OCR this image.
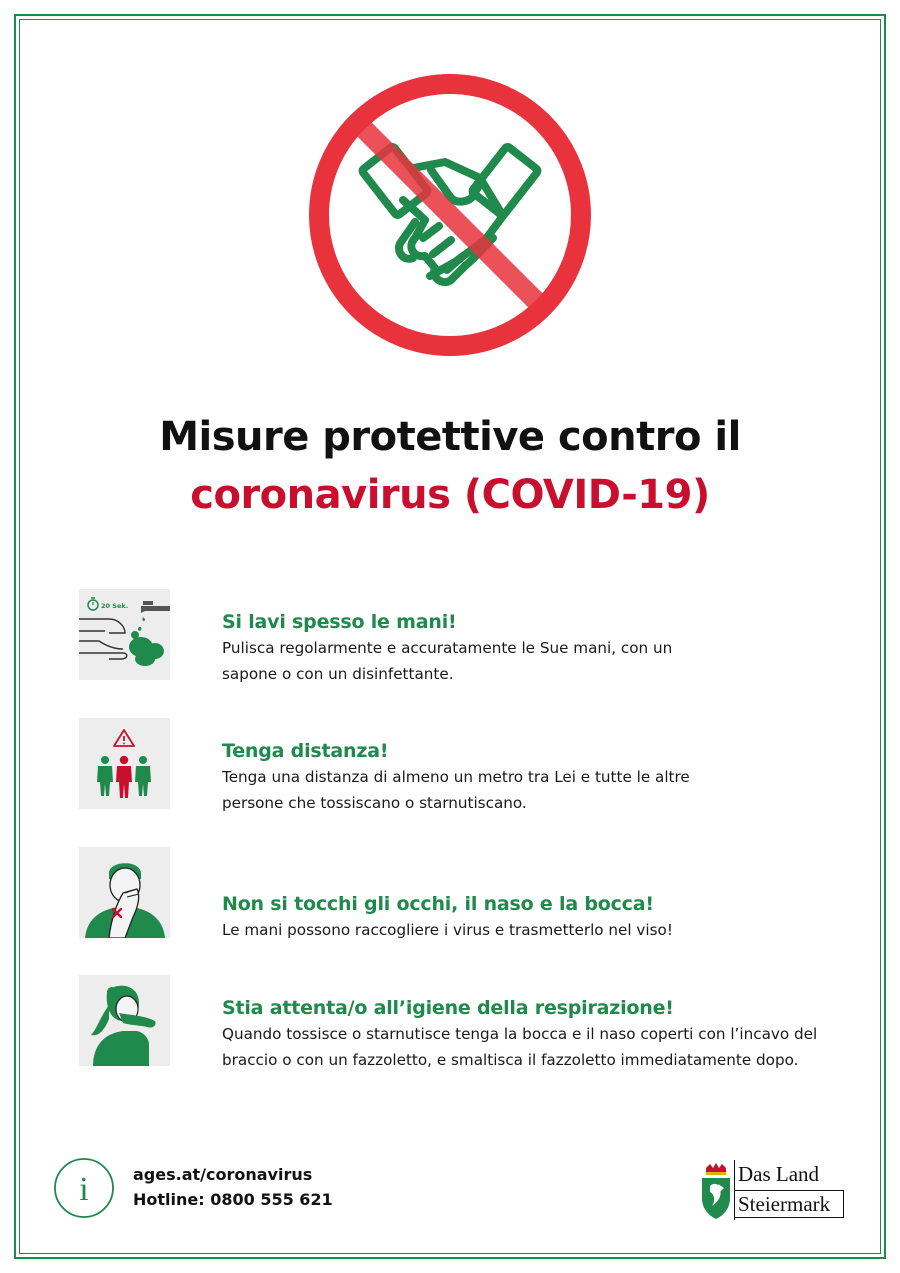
Misure protettive contro il
coronavirus (COVID-19)
20 Sek.
Si lavi spesso le mani!

Pulisca regolarmente e accuratamente le Sue mani, con un

sapone o con un disinfettante.

Tenga distanza!

Tenga una distanza di almeno un metro tra Lei e tutte le altre

persone che tossiscano o starnutiscano.

Non si tocchi gli occhi, il naso e la bocca!

Le mani possono raccogliere i virus e trasmetterlo nel viso!

Stia attenta/o all’igiene della respirazione!

Quando tossisce o starnutisce tenga la bocca e il naso coperti con l’incavo del

braccio o con un fazzoletto, e smaltisca il fazzoletto immediatamente dopo.

i	ages.at/coronavirus
Hotline: 0800 555 621
Das Land
Steiermark
